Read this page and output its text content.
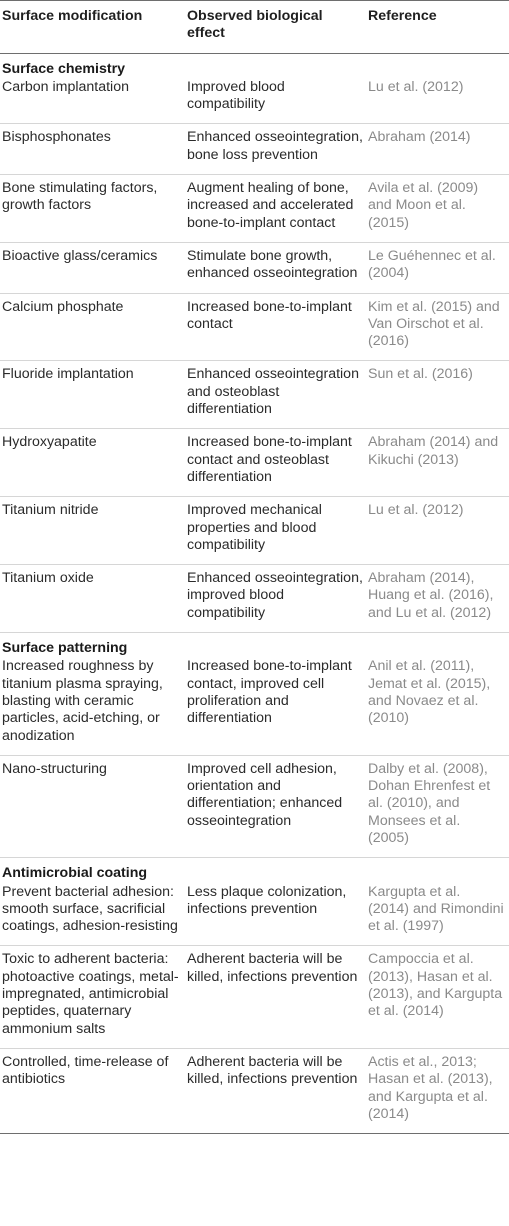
Surface modification	Observed biological effect	Reference
Surface chemistry		
Carbon implantation	Improved blood compatibility	Lu et al. (2012)
Bisphosphonates	Enhanced osseointegration, bone loss prevention	Abraham (2014)
Bone stimulating factors, growth factors	Augment healing of bone, increased and accelerated bone-to-implant contact	Avila et al. (2009) and Moon et al. (2015)
Bioactive glass/ceramics	Stimulate bone growth, enhanced osseointegration	Le Guéhennec et al. (2004)
Calcium phosphate	Increased bone-to-implant contact	Kim et al. (2015) and Van Oirschot et al. (2016)
Fluoride implantation	Enhanced osseointegration and osteoblast differentiation	Sun et al. (2016)
Hydroxyapatite	Increased bone-to-implant contact and osteoblast differentiation	Abraham (2014) and Kikuchi (2013)
Titanium nitride	Improved mechanical properties and blood compatibility	Lu et al. (2012)
Titanium oxide	Enhanced osseointegration, improved blood compatibility	Abraham (2014), Huang et al. (2016), and Lu et al. (2012)
Surface patterning		
Increased roughness by titanium plasma spraying, blasting with ceramic particles, acid-etching, or anodization	Increased bone-to-implant contact, improved cell proliferation and differentiation	Anil et al. (2011), Jemat et al. (2015), and Novaez et al. (2010)
Nano-structuring	Improved cell adhesion, orientation and differentiation; enhanced osseointegration	Dalby et al. (2008), Dohan Ehrenfest et al. (2010), and Monsees et al. (2005)
Antimicrobial coating		
Prevent bacterial adhesion: smooth surface, sacrificial coatings, adhesion-resisting	Less plaque colonization, infections prevention	Kargupta et al. (2014) and Rimondini et al. (1997)
Toxic to adherent bacteria: photoactive coatings, metal-impregnated, antimicrobial peptides, quaternary ammonium salts	Adherent bacteria will be killed, infections prevention	Campoccia et al. (2013), Hasan et al. (2013), and Kargupta et al. (2014)
Controlled, time-release of antibiotics	Adherent bacteria will be killed, infections prevention	Actis et al., 2013; Hasan et al. (2013), and Kargupta et al. (2014)
